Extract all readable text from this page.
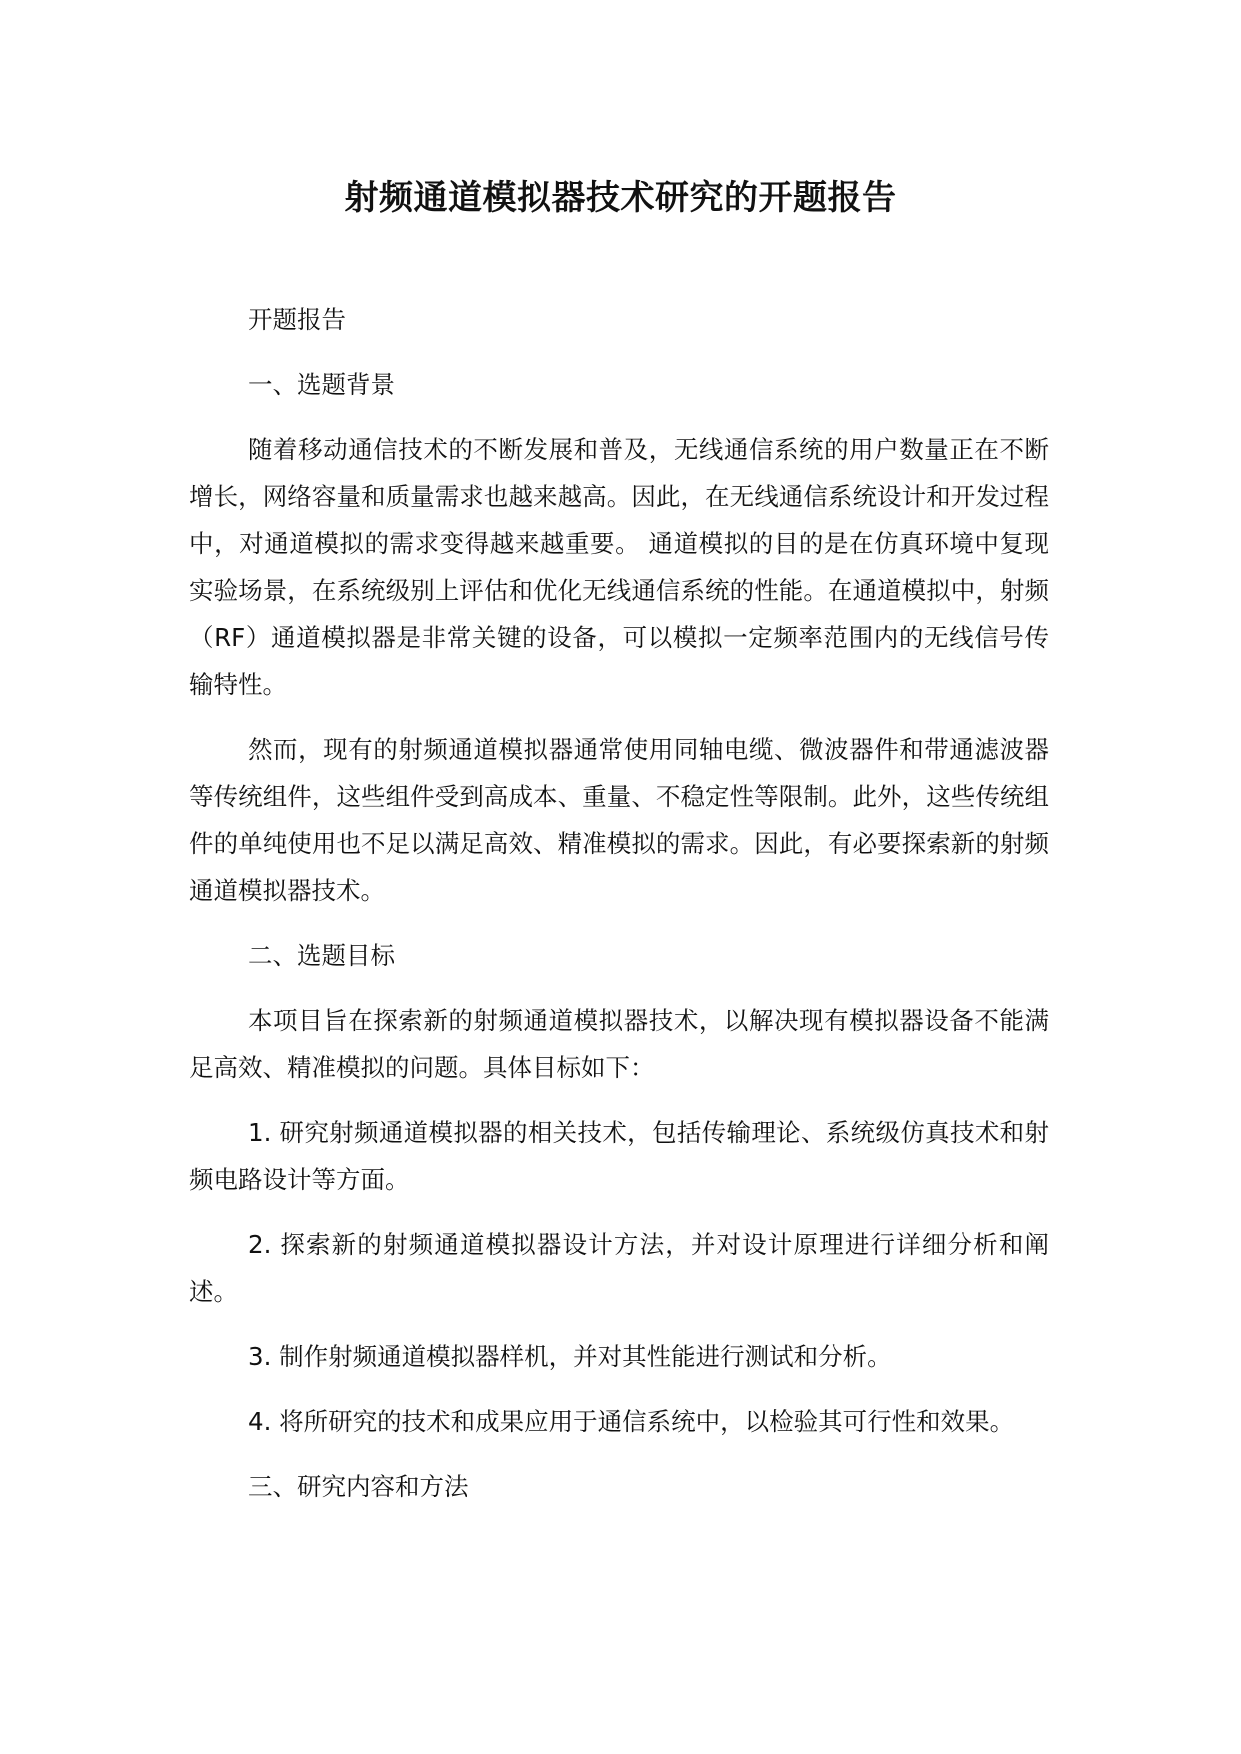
射频通道模拟器技术研究的开题报告

开题报告

一、选题背景

随着移动通信技术的不断发展和普及，无线通信系统的用户数量正在不断增长，网络容量和质量需求也越来越高。因此，在无线通信系统设计和开发过程中，对通道模拟的需求变得越来越重要。 通道模拟的目的是在仿真环境中复现实验场景，在系统级别上评估和优化无线通信系统的性能。在通道模拟中，射频（RF）通道模拟器是非常关键的设备，可以模拟一定频率范围内的无线信号传输特性。

然而，现有的射频通道模拟器通常使用同轴电缆、微波器件和带通滤波器等传统组件，这些组件受到高成本、重量、不稳定性等限制。此外，这些传统组件的单纯使用也不足以满足高效、精准模拟的需求。因此，有必要探索新的射频通道模拟器技术。

二、选题目标

本项目旨在探索新的射频通道模拟器技术，以解决现有模拟器设备不能满足高效、精准模拟的问题。具体目标如下：

1. 研究射频通道模拟器的相关技术，包括传输理论、系统级仿真技术和射频电路设计等方面。

2. 探索新的射频通道模拟器设计方法，并对设计原理进行详细分析和阐述。

3. 制作射频通道模拟器样机，并对其性能进行测试和分析。

4. 将所研究的技术和成果应用于通信系统中，以检验其可行性和效果。

三、研究内容和方法
